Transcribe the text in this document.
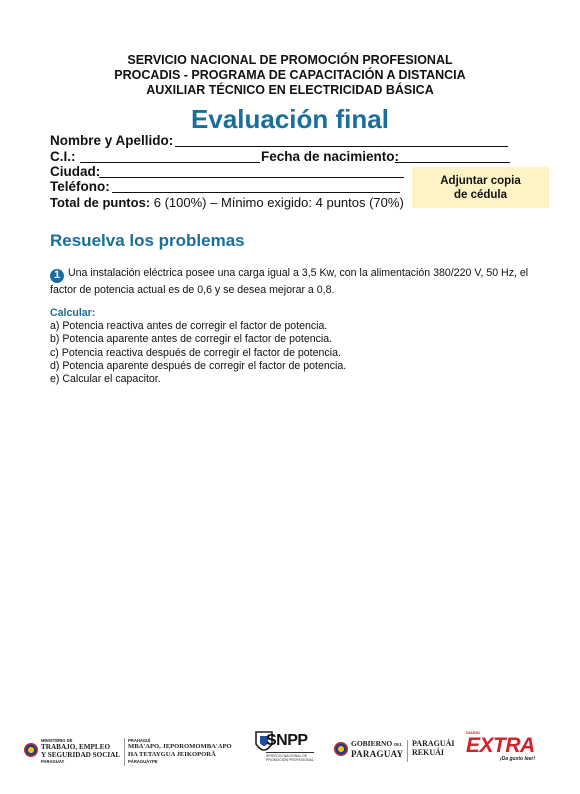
SERVICIO NACIONAL DE PROMOCIÓN PROFESIONAL
PROCADIS - PROGRAMA DE CAPACITACIÓN A DISTANCIA
AUXILIAR TÉCNICO EN ELECTRICIDAD BÁSICA
Evaluación final
Nombre y Apellido:
C.I.:	Fecha de nacimiento:
Ciudad:
Teléfono:
Total de puntos: 6 (100%) – Mínimo exigido: 4 puntos (70%)
Adjuntar copia
de cédula
Resuelva los problemas
1 Una instalación eléctrica posee una carga igual a 3,5 Kw, con la alimentación 380/220 V, 50 Hz, el factor de potencia actual es de 0,6 y se desea mejorar a 0,8.
Calcular:
a) Potencia reactiva antes de corregir el factor de potencia.
b) Potencia aparente antes de corregir el factor de potencia.
c) Potencia reactiva después de corregir el factor de potencia.
d) Potencia aparente después de corregir el factor de potencia.
e) Calcular el capacitor.
MINISTERIO DE
TRABAJO, EMPLEO
Y SEGURIDAD SOCIAL
PARAGUAY
PRAHAGUÍ
MBA'APO, JEPOROMOMBA'APO
HA TETAYGUA JEIKOPORÃ
PÁRAGUÁYPE
SNPP
SERVICIO NACIONAL DE
PROMOCIÓN PROFESIONAL
GOBIERNO DEL
PARAGUAY
PARAGUÁI
REKUÁI
DIARIO
EXTRA
¡Da gusto leer!
